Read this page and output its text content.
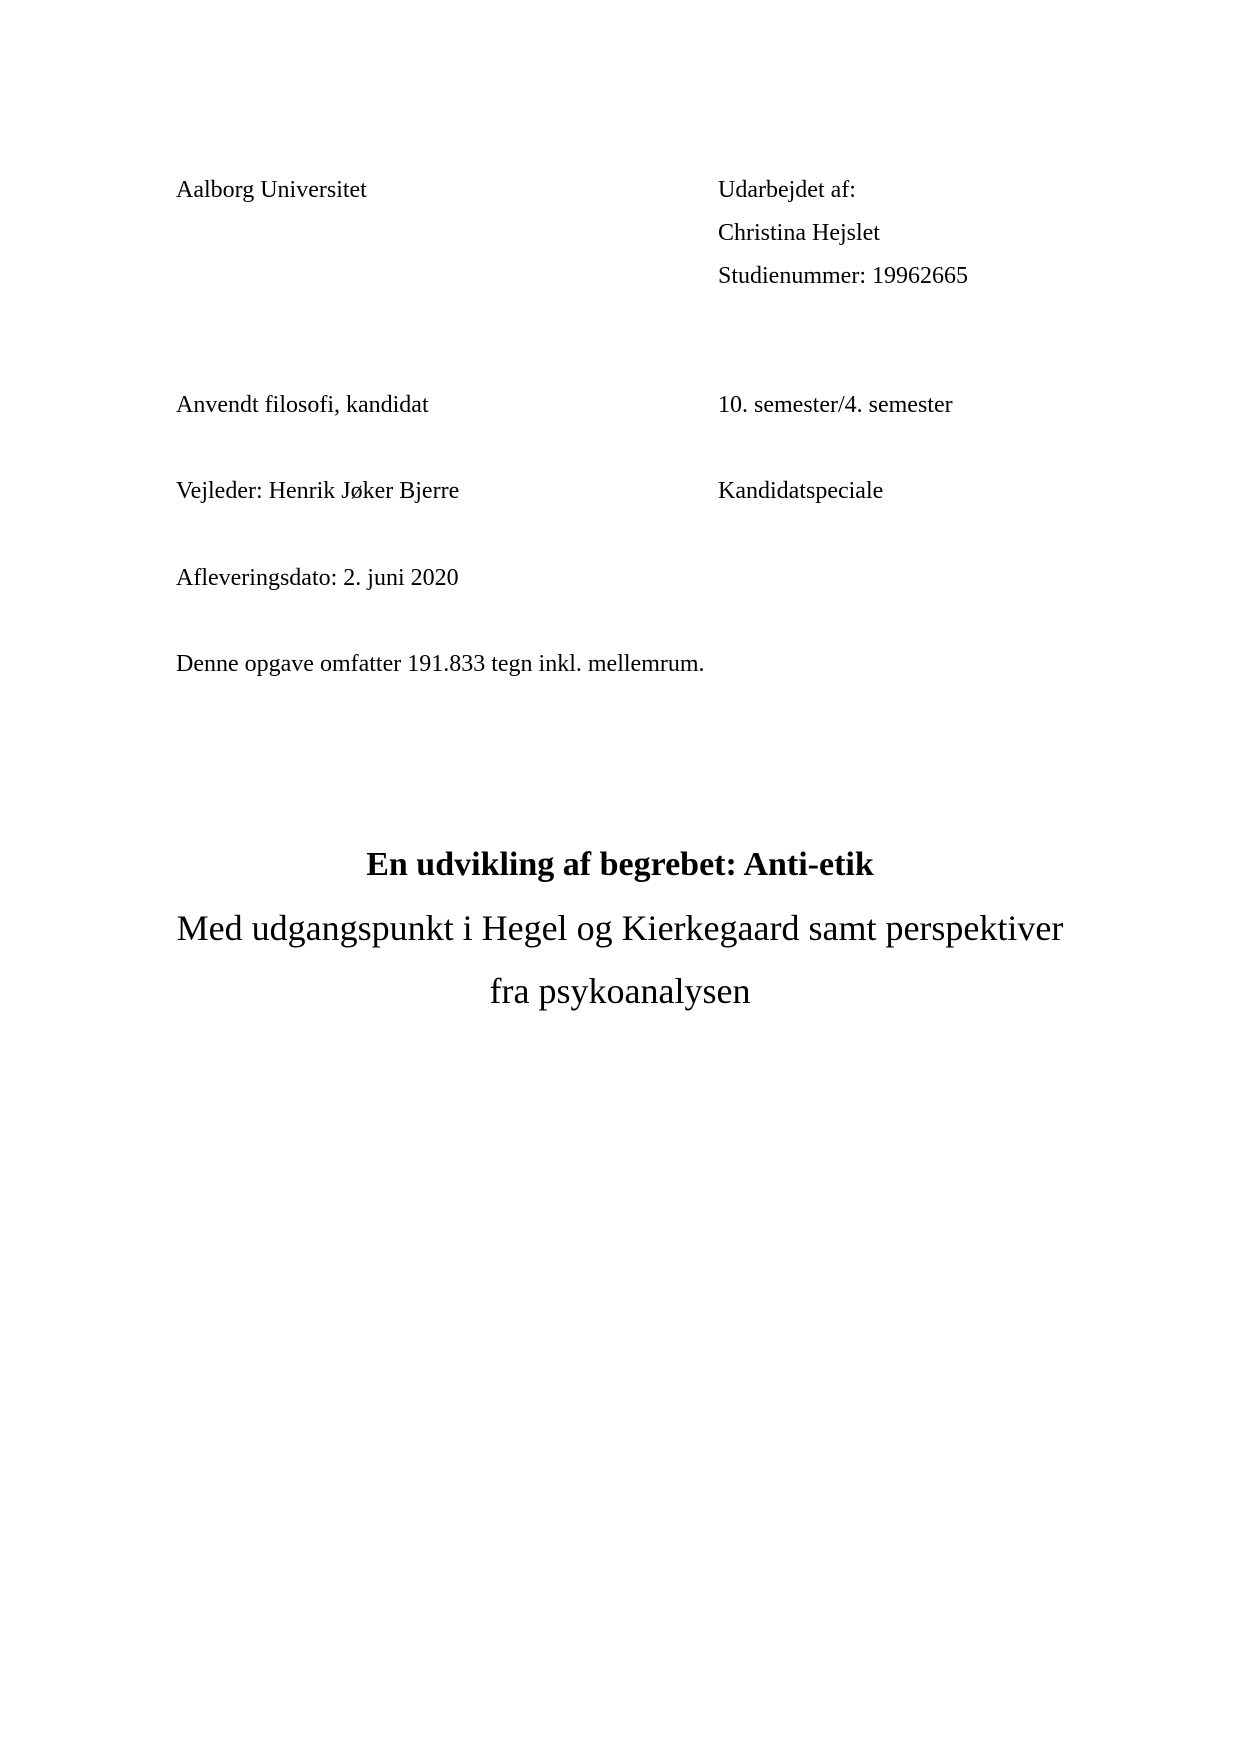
Aalborg Universitet	Udarbejdet af:
Christina Hejslet
Studienummer: 19962665
Anvendt filosofi, kandidat	10. semester/4. semester
Vejleder: Henrik Jøker Bjerre	Kandidatspeciale
Afleveringsdato: 2. juni 2020
Denne opgave omfatter 191.833 tegn inkl. mellemrum.
En udvikling af begrebet: Anti-etik
Med udgangspunkt i Hegel og Kierkegaard samt perspektiver
fra psykoanalysen
